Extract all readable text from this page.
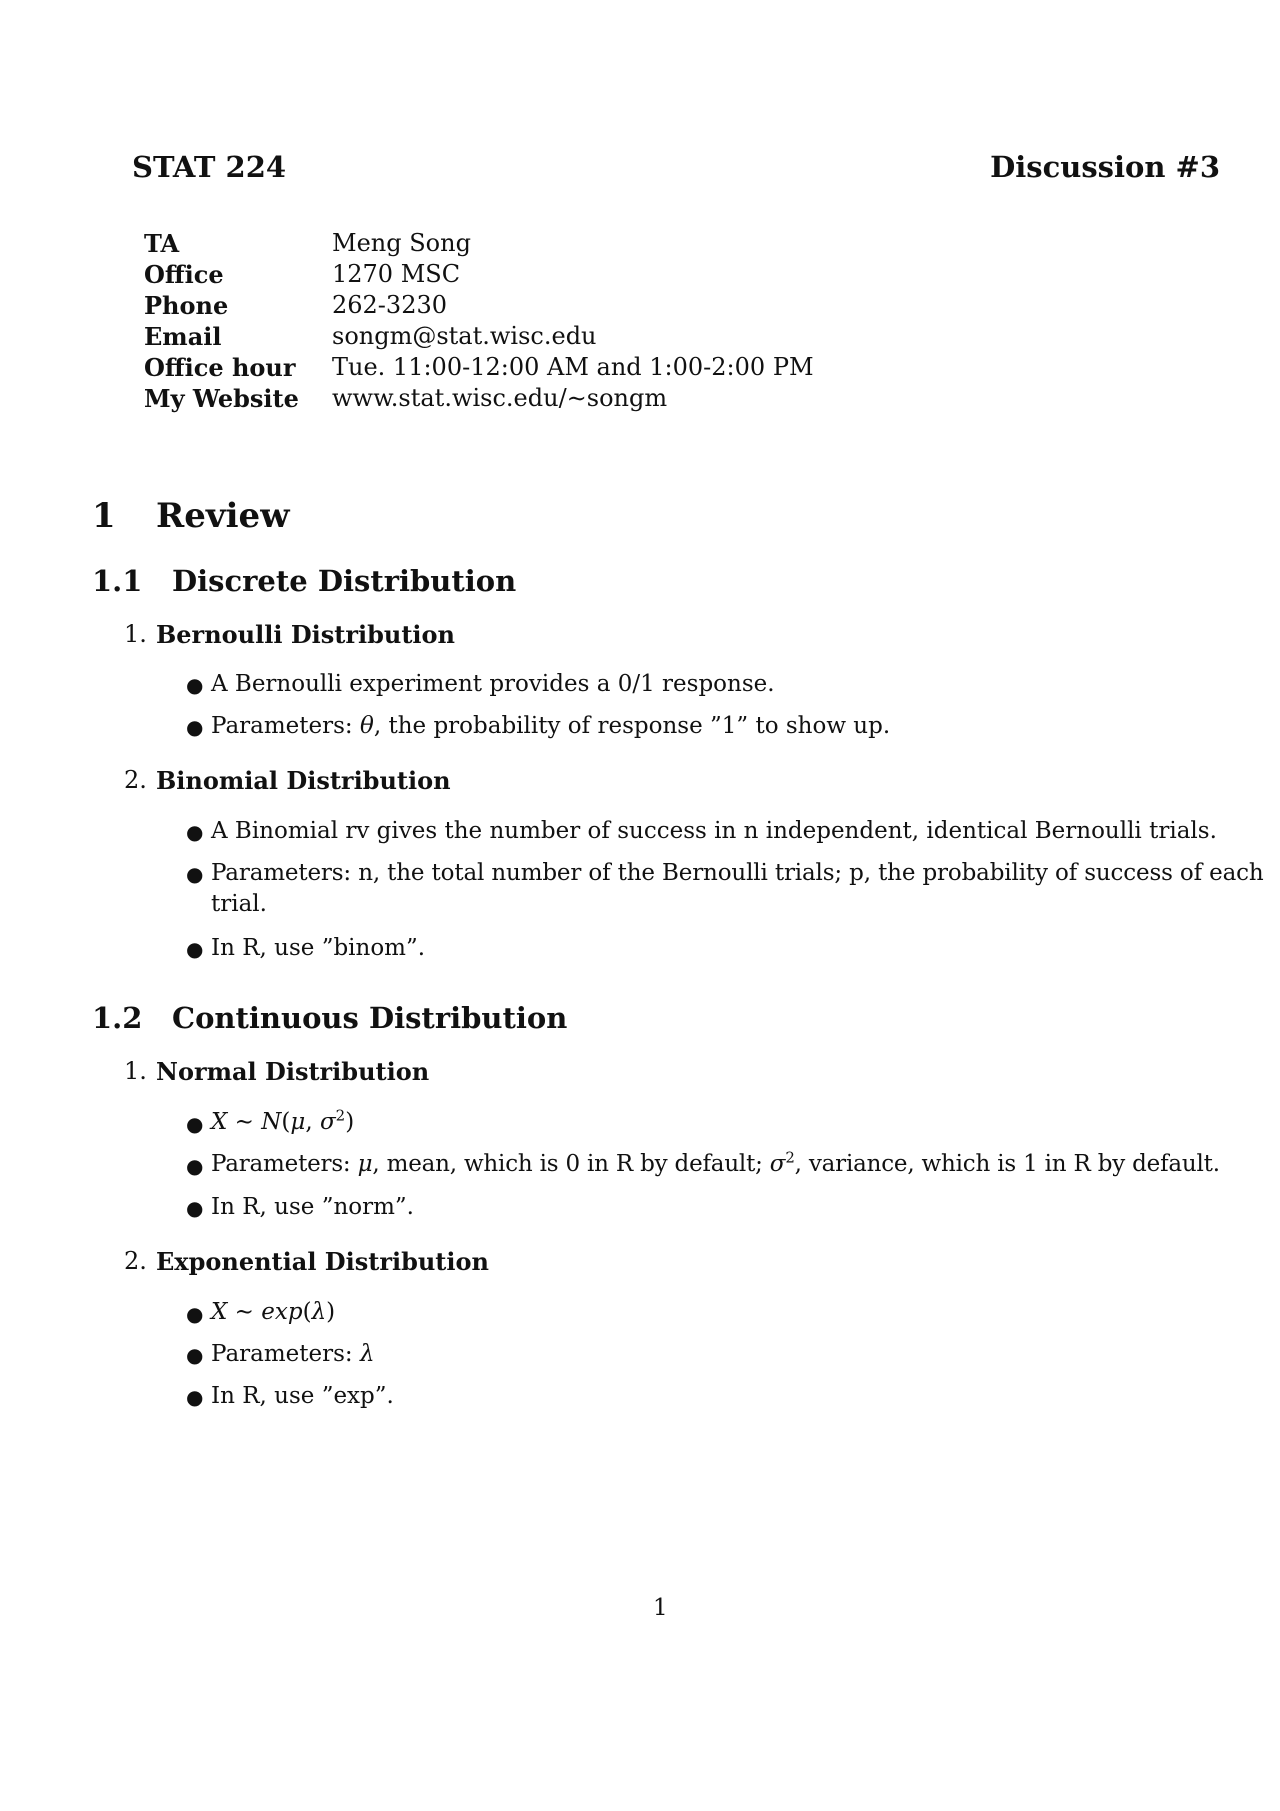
STAT 224	Discussion #3
TA
Office
Phone
Email
Office hour
My Website
Meng Song
1270 MSC
262-3230
songm@stat.wisc.edu
Tue. 11:00-12:00 AM and 1:00-2:00 PM
www.stat.wisc.edu/∼songm
1 Review
1.1 Discrete Distribution
1. Bernoulli Distribution
● A Bernoulli experiment provides a 0/1 response.
● Parameters: θ, the probability of response ”1” to show up.
2. Binomial Distribution
● A Binomial rv gives the number of success in n independent, identical Bernoulli trials.
● Parameters: n, the total number of the Bernoulli trials; p, the probability of success of each
trial.
● In R, use ”binom”.
1.2 Continuous Distribution
1. Normal Distribution
● X ∼ N(μ, $\sigma^2$)
● Parameters: μ, mean, which is 0 in R by default; $\sigma^2$, variance, which is 1 in R by default.
● In R, use ”norm”.
2. Exponential Distribution
● X ∼ exp(λ)
● Parameters: λ
● In R, use ”exp”.
1
